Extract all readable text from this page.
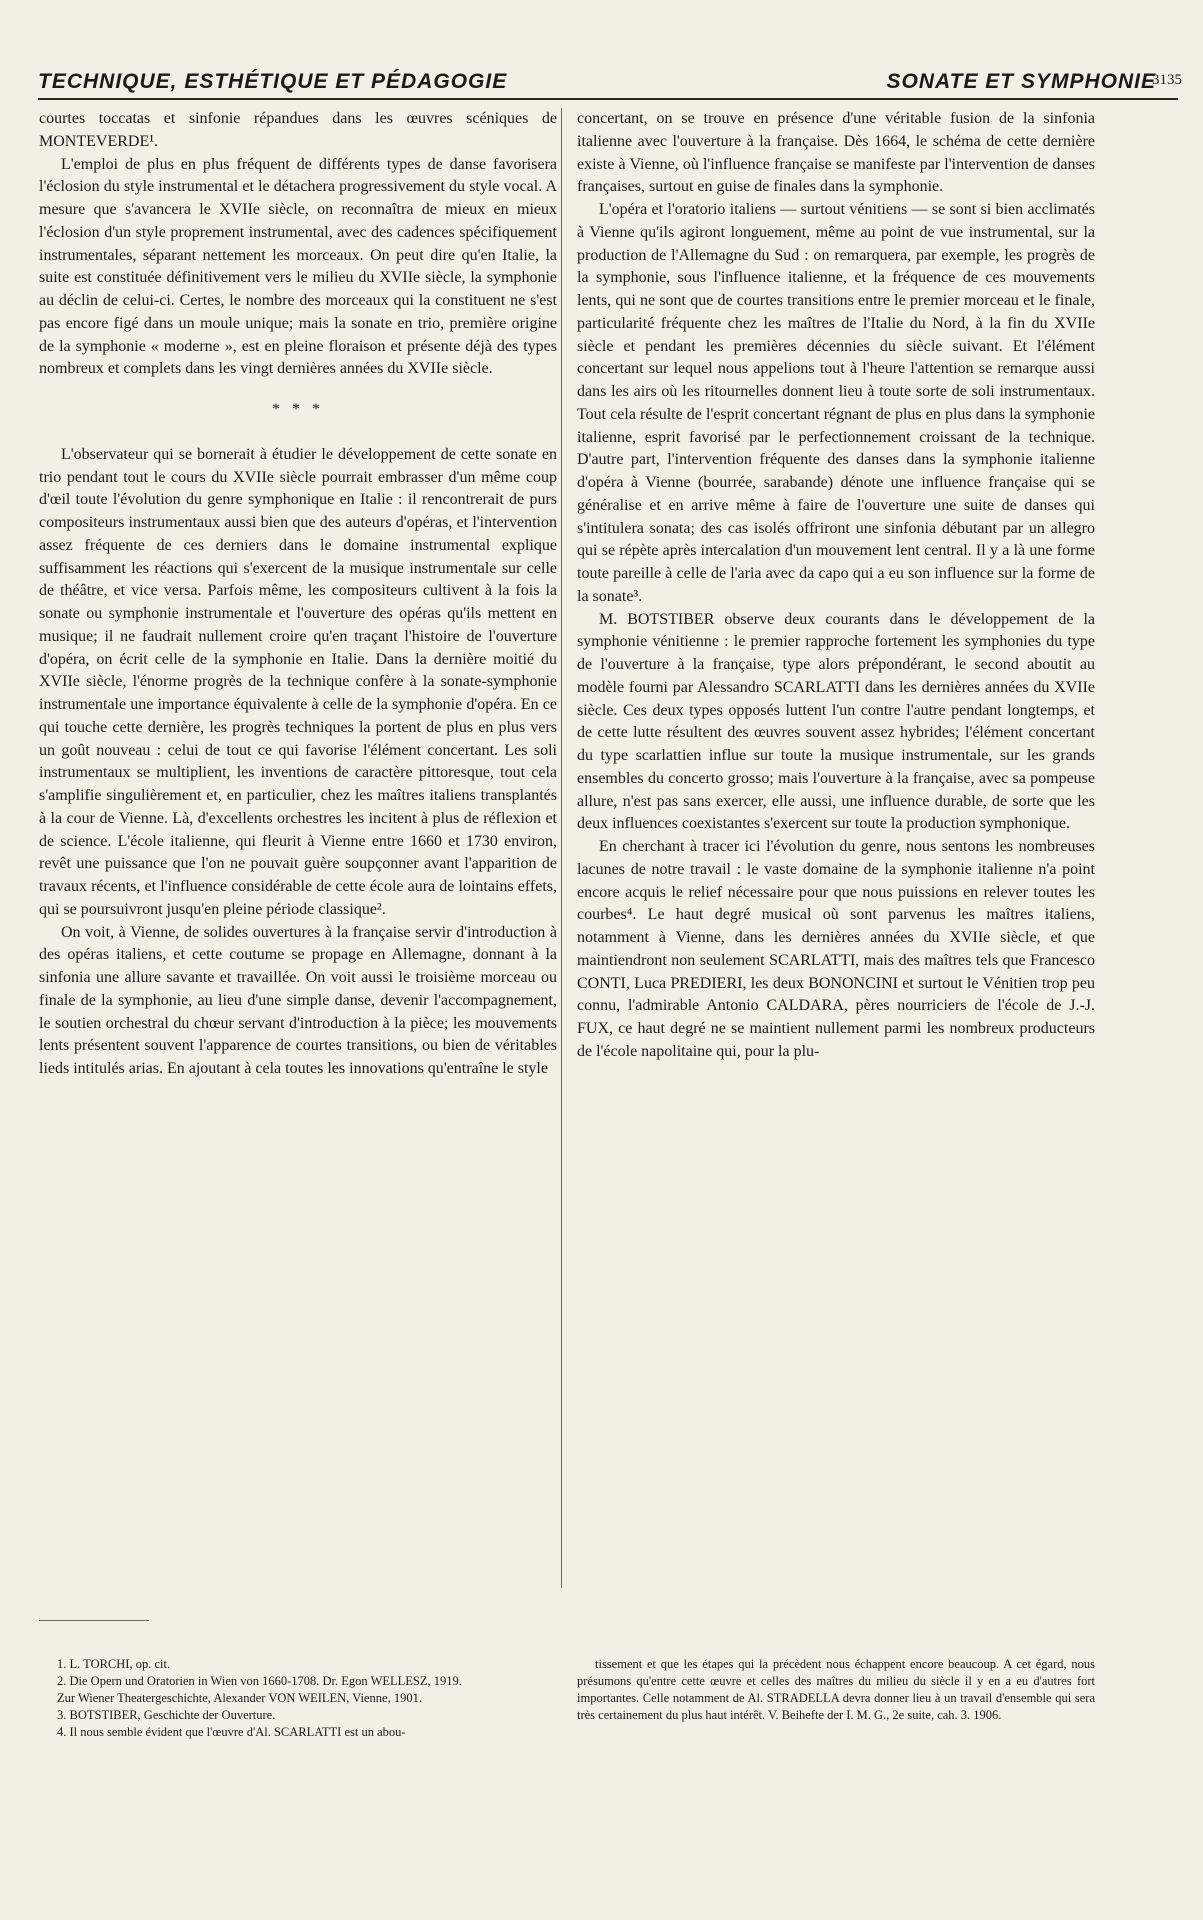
TECHNIQUE, ESTHÉTIQUE ET PÉDAGOGIE	SONATE ET SYMPHONIE
3135

courtes toccatas et sinfonie répandues dans les œuvres scéniques de MONTEVERDE¹.

L'emploi de plus en plus fréquent de différents types de danse favorisera l'éclosion du style instrumental et le détachera progressivement du style vocal. A mesure que s'avancera le XVIIe siècle, on reconnaîtra de mieux en mieux l'éclosion d'un style proprement instrumental, avec des cadences spécifiquement instrumentales, séparant nettement les morceaux. On peut dire qu'en Italie, la suite est constituée définitivement vers le milieu du XVIIe siècle, la symphonie au déclin de celui-ci. Certes, le nombre des morceaux qui la constituent ne s'est pas encore figé dans un moule unique; mais la sonate en trio, première origine de la symphonie « moderne », est en pleine floraison et présente déjà des types nombreux et complets dans les vingt dernières années du XVIIe siècle.

* * *

L'observateur qui se bornerait à étudier le développement de cette sonate en trio pendant tout le cours du XVIIe siècle pourrait embrasser d'un même coup d'œil toute l'évolution du genre symphonique en Italie : il rencontrerait de purs compositeurs instrumentaux aussi bien que des auteurs d'opéras, et l'intervention assez fréquente de ces derniers dans le domaine instrumental explique suffisamment les réactions qui s'exercent de la musique instrumentale sur celle de théâtre, et vice versa. Parfois même, les compositeurs cultivent à la fois la sonate ou symphonie instrumentale et l'ouverture des opéras qu'ils mettent en musique; il ne faudrait nullement croire qu'en traçant l'histoire de l'ouverture d'opéra, on écrit celle de la symphonie en Italie. Dans la dernière moitié du XVIIe siècle, l'énorme progrès de la technique confère à la sonate-symphonie instrumentale une importance équivalente à celle de la symphonie d'opéra. En ce qui touche cette dernière, les progrès techniques la portent de plus en plus vers un goût nouveau : celui de tout ce qui favorise l'élément concertant. Les soli instrumentaux se multiplient, les inventions de caractère pittoresque, tout cela s'amplifie singulièrement et, en particulier, chez les maîtres italiens transplantés à la cour de Vienne. Là, d'excellents orchestres les incitent à plus de réflexion et de science. L'école italienne, qui fleurit à Vienne entre 1660 et 1730 environ, revêt une puissance que l'on ne pouvait guère soupçonner avant l'apparition de travaux récents, et l'influence considérable de cette école aura de lointains effets, qui se poursuivront jusqu'en pleine période classique².

On voit, à Vienne, de solides ouvertures à la française servir d'introduction à des opéras italiens, et cette coutume se propage en Allemagne, donnant à la sinfonia une allure savante et travaillée. On voit aussi le troisième morceau ou finale de la symphonie, au lieu d'une simple danse, devenir l'accompagnement, le soutien orchestral du chœur servant d'introduction à la pièce; les mouvements lents présentent souvent l'apparence de courtes transitions, ou bien de véritables lieds intitulés arias. En ajoutant à cela toutes les innovations qu'entraîne le style

concertant, on se trouve en présence d'une véritable fusion de la sinfonia italienne avec l'ouverture à la française. Dès 1664, le schéma de cette dernière existe à Vienne, où l'influence française se manifeste par l'intervention de danses françaises, surtout en guise de finales dans la symphonie.

L'opéra et l'oratorio italiens — surtout vénitiens — se sont si bien acclimatés à Vienne qu'ils agiront longuement, même au point de vue instrumental, sur la production de l'Allemagne du Sud : on remarquera, par exemple, les progrès de la symphonie, sous l'influence italienne, et la fréquence de ces mouvements lents, qui ne sont que de courtes transitions entre le premier morceau et le finale, particularité fréquente chez les maîtres de l'Italie du Nord, à la fin du XVIIe siècle et pendant les premières décennies du siècle suivant. Et l'élément concertant sur lequel nous appelions tout à l'heure l'attention se remarque aussi dans les airs où les ritournelles donnent lieu à toute sorte de soli instrumentaux. Tout cela résulte de l'esprit concertant régnant de plus en plus dans la symphonie italienne, esprit favorisé par le perfectionnement croissant de la technique. D'autre part, l'intervention fréquente des danses dans la symphonie italienne d'opéra à Vienne (bourrée, sarabande) dénote une influence française qui se généralise et en arrive même à faire de l'ouverture une suite de danses qui s'intitulera sonata; des cas isolés offriront une sinfonia débutant par un allegro qui se répète après intercalation d'un mouvement lent central. Il y a là une forme toute pareille à celle de l'aria avec da capo qui a eu son influence sur la forme de la sonate³.

M. BOTSTIBER observe deux courants dans le développement de la symphonie vénitienne : le premier rapproche fortement les symphonies du type de l'ouverture à la française, type alors prépondérant, le second aboutit au modèle fourni par Alessandro SCARLATTI dans les dernières années du XVIIe siècle. Ces deux types opposés luttent l'un contre l'autre pendant longtemps, et de cette lutte résultent des œuvres souvent assez hybrides; l'élément concertant du type scarlattien influe sur toute la musique instrumentale, sur les grands ensembles du concerto grosso; mais l'ouverture à la française, avec sa pompeuse allure, n'est pas sans exercer, elle aussi, une influence durable, de sorte que les deux influences coexistantes s'exercent sur toute la production symphonique.

En cherchant à tracer ici l'évolution du genre, nous sentons les nombreuses lacunes de notre travail : le vaste domaine de la symphonie italienne n'a point encore acquis le relief nécessaire pour que nous puissions en relever toutes les courbes⁴. Le haut degré musical où sont parvenus les maîtres italiens, notamment à Vienne, dans les dernières années du XVIIe siècle, et que maintiendront non seulement SCARLATTI, mais des maîtres tels que Francesco CONTI, Luca PREDIERI, les deux BONONCINI et surtout le Vénitien trop peu connu, l'admirable Antonio CALDARA, pères nourriciers de l'école de J.-J. FUX, ce haut degré ne se maintient nullement parmi les nombreux producteurs de l'école napolitaine qui, pour la plu-

1. L. TORCHI, op. cit.

2. Die Opern und Oratorien in Wien von 1660-1708. Dr. Egon WELLESZ, 1919.

Zur Wiener Theatergeschichte, Alexander VON WEILEN, Vienne, 1901.

3. BOTSTIBER, Geschichte der Ouverture.

4. Il nous semble évident que l'œuvre d'Al. SCARLATTI est un abou-

tissement et que les étapes qui la précèdent nous échappent encore beaucoup. A cet égard, nous présumons qu'entre cette œuvre et celles des maîtres du milieu du siècle il y en a eu d'autres fort importantes. Celle notamment de Al. STRADELLA devra donner lieu à un travail d'ensemble qui sera très certainement du plus haut intérêt. V. Beihefte der I. M. G., 2e suite, cah. 3. 1906.
